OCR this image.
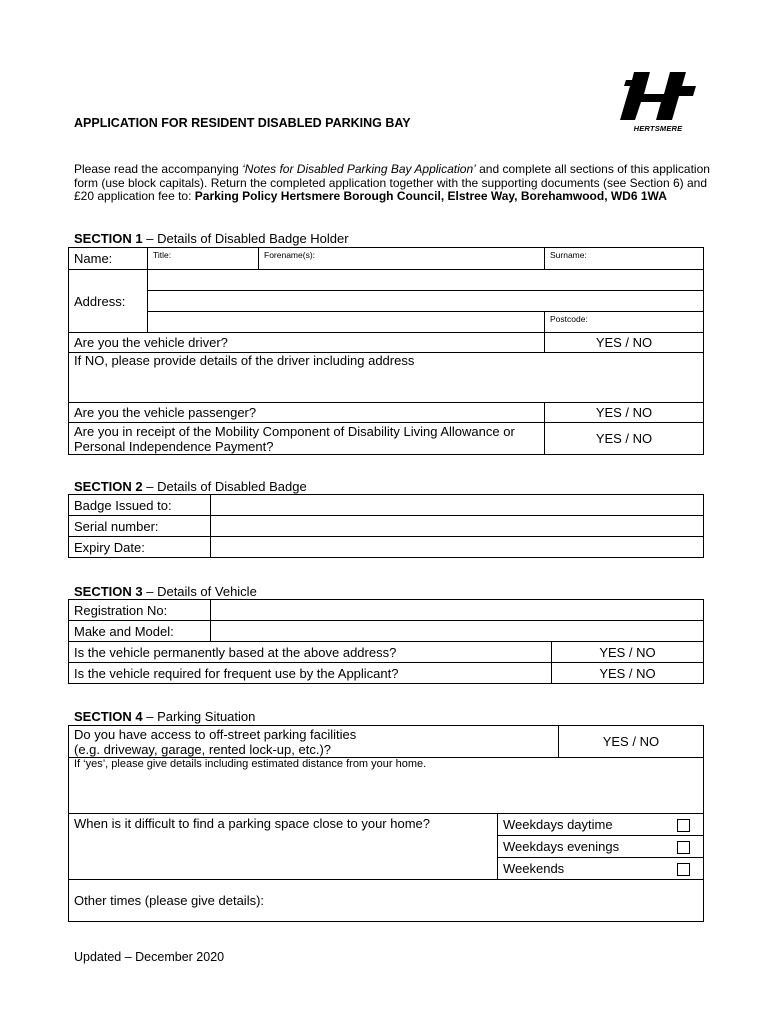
APPLICATION FOR RESIDENT DISABLED PARKING BAY	HERTSMERE
Please read the accompanying ‘Notes for Disabled Parking Bay Application’ and complete all sections of this application form (use block capitals). Return the completed application together with the supporting documents (see Section 6) and £20 application fee to: Parking Policy Hertsmere Borough Council, Elstree Way, Borehamwood, WD6 1WA
SECTION 1 – Details of Disabled Badge Holder
Name:	Title:	Forename(s):	Surname:
Address:			

			Postcode:
Are you the vehicle driver?			YES / NO
If NO, please provide details of the driver including address			
Are you the vehicle passenger?			YES / NO
Are you in receipt of the Mobility Component of Disability Living Allowance or Personal Independence Payment?			YES / NO
SECTION 2 – Details of Disabled Badge
Badge Issued to:	
Serial number:	
Expiry Date:	
SECTION 3 – Details of Vehicle
Registration No:		
Make and Model:		
Is the vehicle permanently based at the above address?		YES / NO
Is the vehicle required for frequent use by the Applicant?		YES / NO
SECTION 4 – Parking Situation
Do you have access to off-street parking facilities
(e.g. driveway, garage, rented lock-up, etc.)?		YES / NO	
If ‘yes’, please give details including estimated distance from your home.			
When is it difficult to find a parking space close to your home?	Weekdays daytime		
	Weekdays evenings		
	Weekends		
Other times (please give details):			
Updated – December 2020
